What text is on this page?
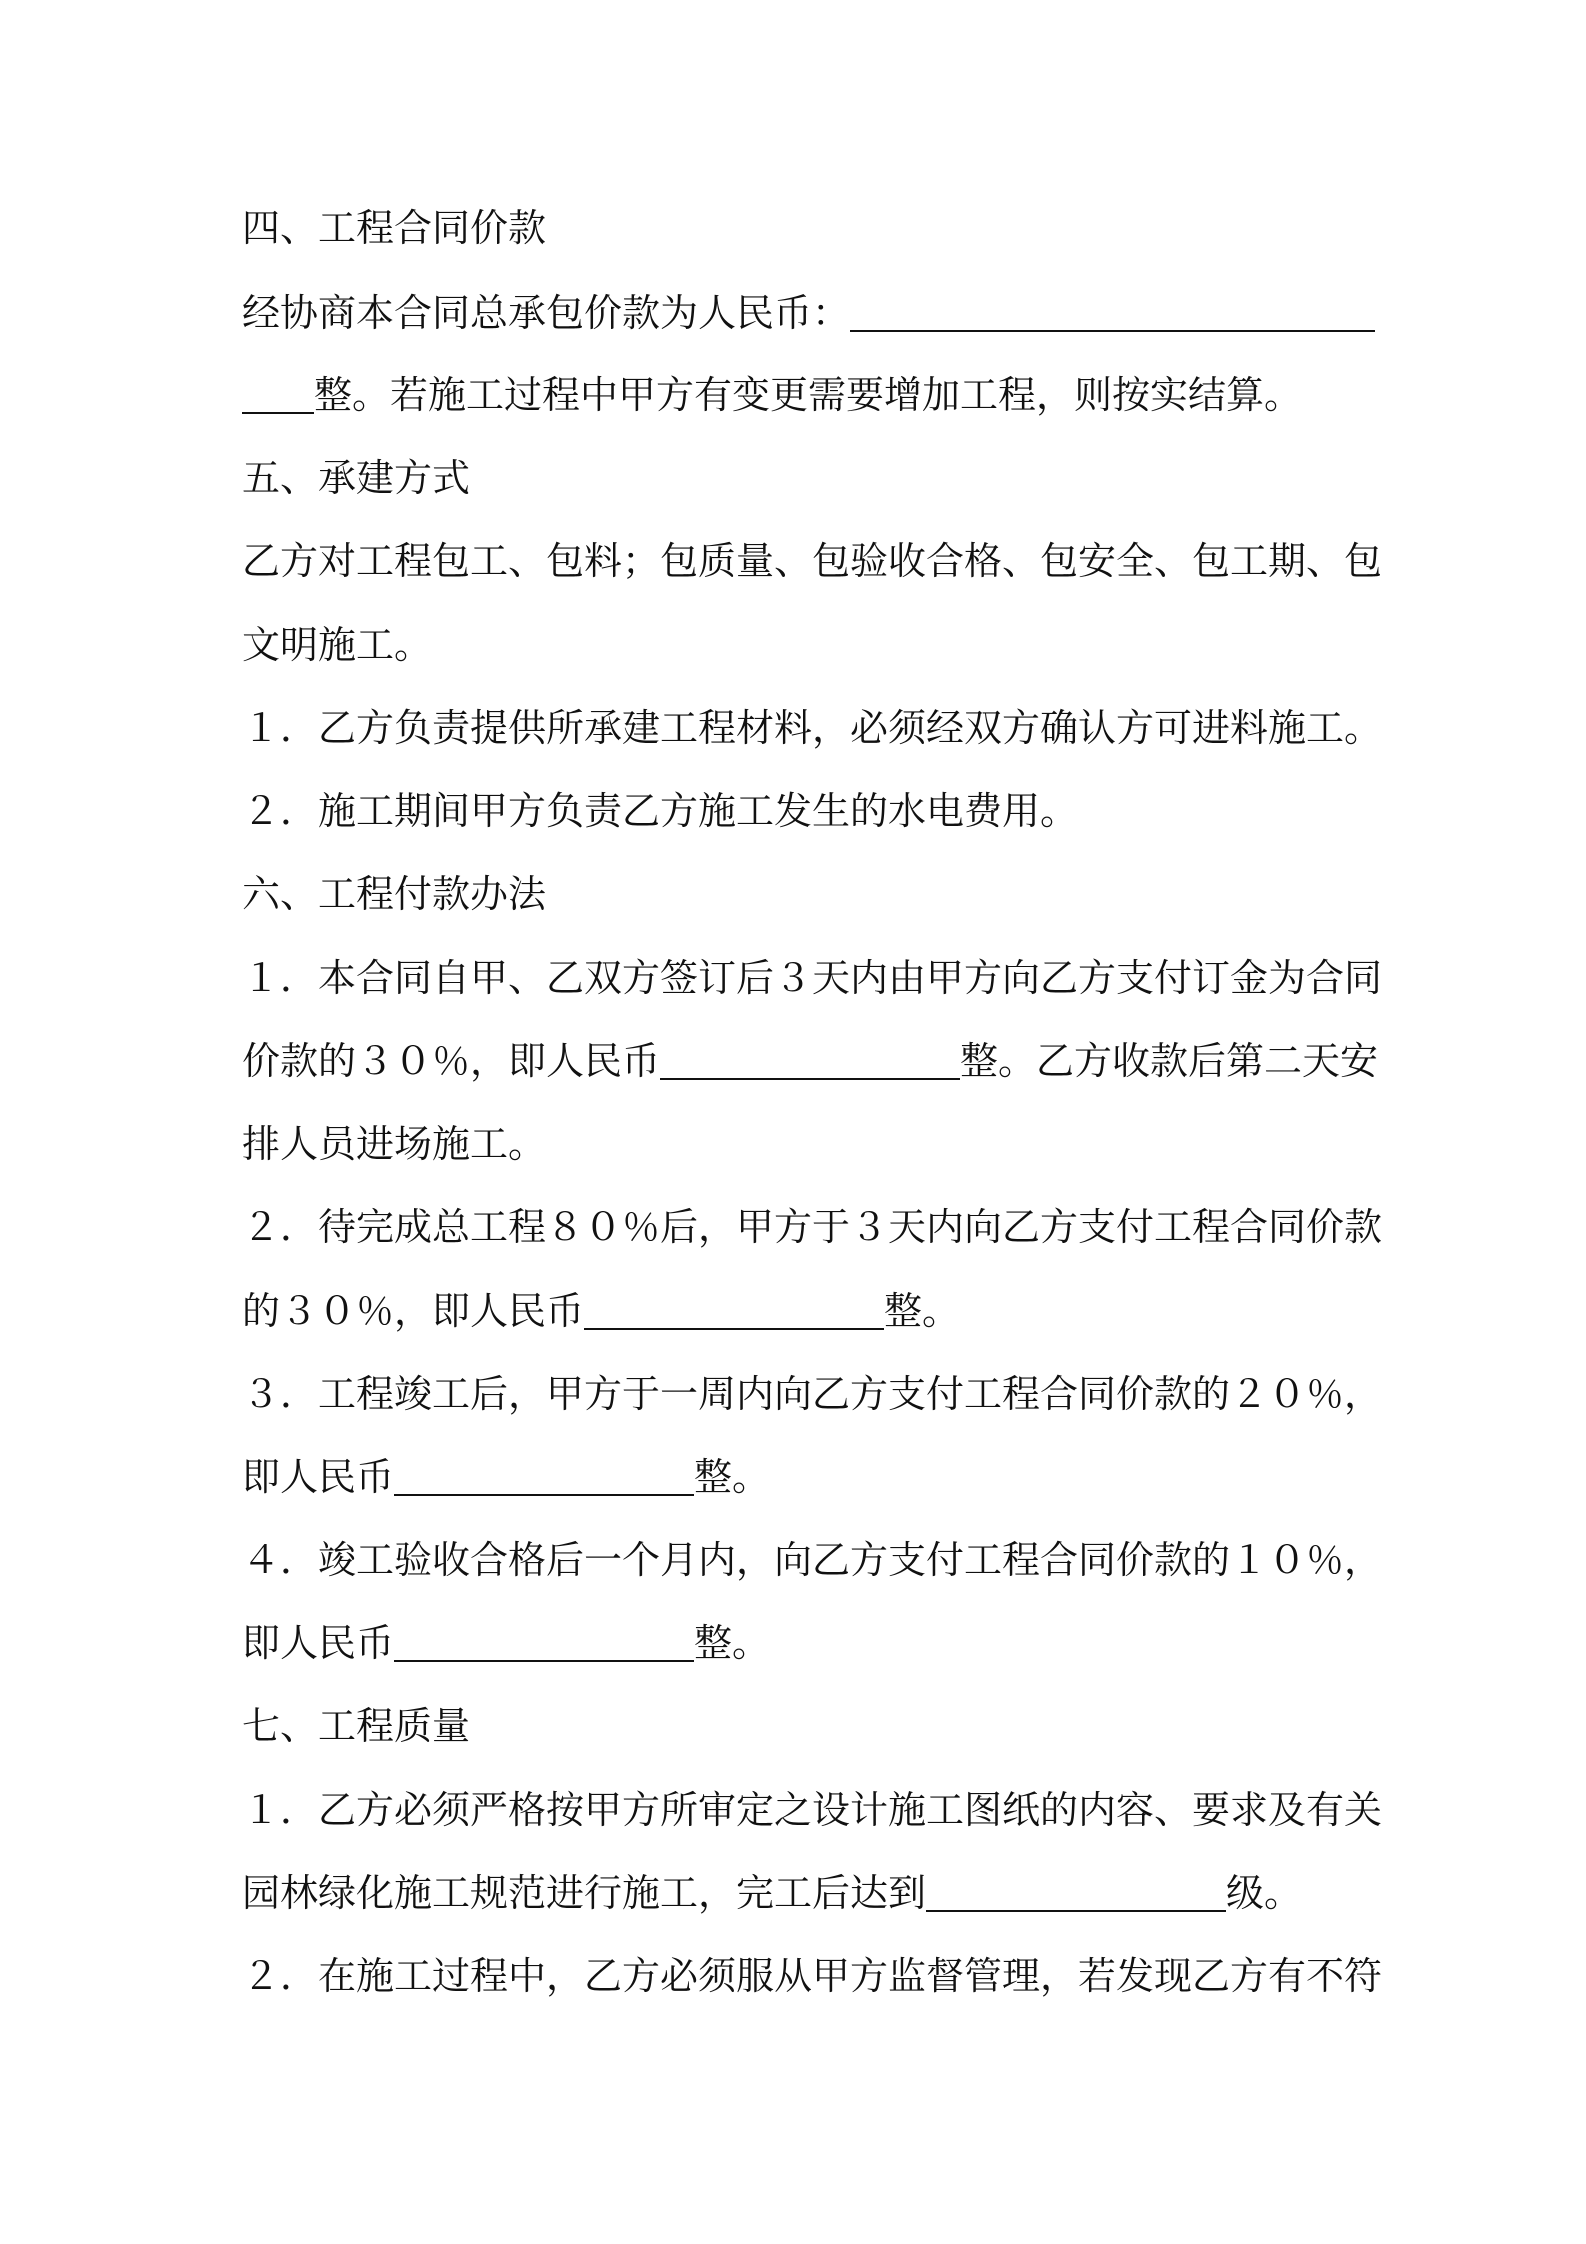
四、工程合同价款
经协商本合同总承包价款为人民币：
整。若施工过程中甲方有变更需要增加工程，则按实结算。
五、承建方式
乙方对工程包工、包料；包质量、包验收合格、包安全、包工期、包
文明施工。
１．乙方负责提供所承建工程材料，必须经双方确认方可进料施工。
２．施工期间甲方负责乙方施工发生的水电费用。
六、工程付款办法
１．本合同自甲、乙双方签订后３天内由甲方向乙方支付订金为合同
价款的３０％，即人民币	整。乙方收款后第二天安
排人员进场施工。
２．待完成总工程８０％后，甲方于３天内向乙方支付工程合同价款
的３０％，即人民币	整。
３．工程竣工后，甲方于一周内向乙方支付工程合同价款的２０％，
即人民币	整。
４．竣工验收合格后一个月内，向乙方支付工程合同价款的１０％，
即人民币	整。
七、工程质量
１．乙方必须严格按甲方所审定之设计施工图纸的内容、要求及有关
园林绿化施工规范进行施工，完工后达到	级。
２．在施工过程中，乙方必须服从甲方监督管理，若发现乙方有不符
